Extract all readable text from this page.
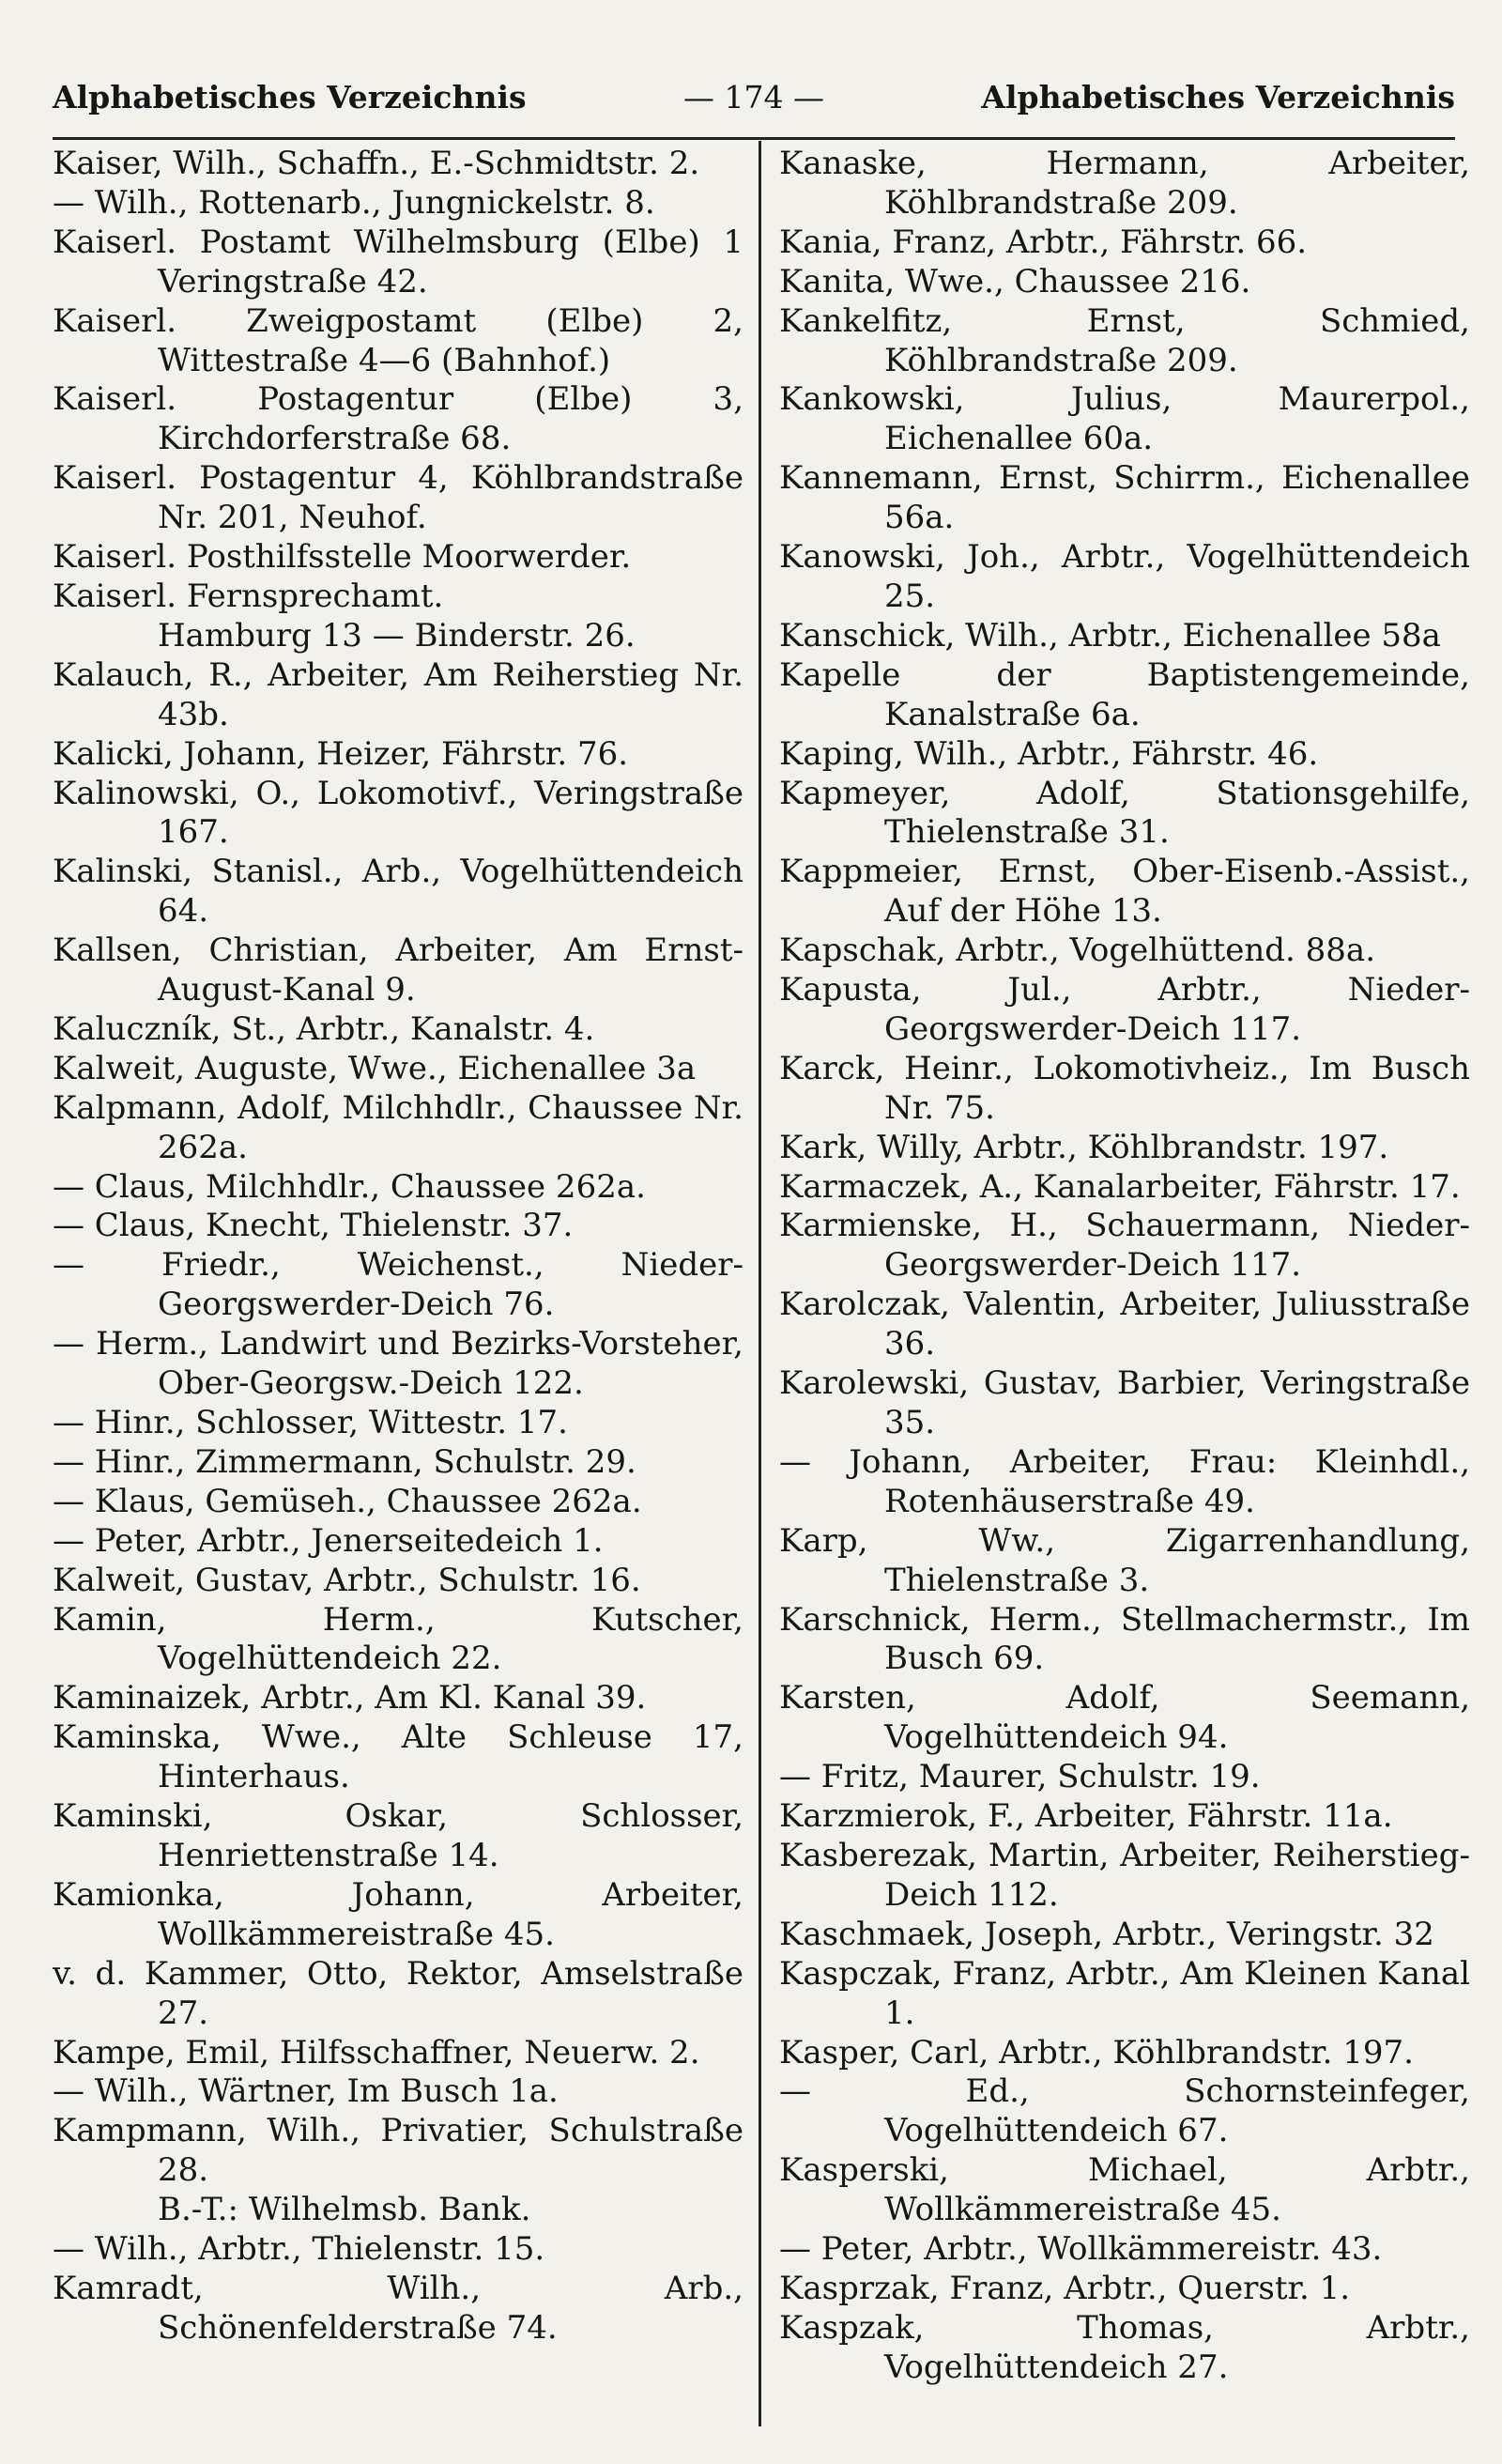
Alphabetisches Verzeichnis	— 174 —	Alphabetisches Verzeichnis
Kaiser, Wilh., Schaffn., E.-Schmidtstr. 2.
— Wilh., Rottenarb., Jungnickelstr. 8.
Kaiserl. Postamt Wilhelmsburg (Elbe) 1 Veringstraße 42.
Kaiserl. Zweigpostamt (Elbe) 2, Wittestraße 4—6 (Bahnhof.)
Kaiserl. Postagentur (Elbe) 3, Kirchdorferstraße 68.
Kaiserl. Postagentur 4, Köhlbrandstraße Nr. 201, Neuhof.
Kaiserl. Posthilfsstelle Moorwerder.
Kaiserl. Fernsprechamt.
Hamburg 13 — Binderstr. 26.
Kalauch, R., Arbeiter, Am Reiherstieg Nr. 43b.
Kalicki, Johann, Heizer, Fährstr. 76.
Kalinowski, O., Lokomotivf., Veringstraße 167.
Kalinski, Stanisl., Arb., Vogelhüttendeich 64.
Kallsen, Christian, Arbeiter, Am Ernst-August-Kanal 9.
Kaluczník, St., Arbtr., Kanalstr. 4.
Kalweit, Auguste, Wwe., Eichenallee 3a
Kalpmann, Adolf, Milchhdlr., Chaussee Nr. 262a.
— Claus, Milchhdlr., Chaussee 262a.
— Claus, Knecht, Thielenstr. 37.
— Friedr., Weichenst., Nieder-Georgswerder-Deich 76.
— Herm., Landwirt und Bezirks-Vorsteher, Ober-Georgsw.-Deich 122.
— Hinr., Schlosser, Wittestr. 17.
— Hinr., Zimmermann, Schulstr. 29.
— Klaus, Gemüseh., Chaussee 262a.
— Peter, Arbtr., Jenerseitedeich 1.
Kalweit, Gustav, Arbtr., Schulstr. 16.
Kamin, Herm., Kutscher, Vogelhüttendeich 22.
Kaminaizek, Arbtr., Am Kl. Kanal 39.
Kaminska, Wwe., Alte Schleuse 17, Hinterhaus.
Kaminski, Oskar, Schlosser, Henriettenstraße 14.
Kamionka, Johann, Arbeiter, Wollkämmereistraße 45.
v. d. Kammer, Otto, Rektor, Amselstraße 27.
Kampe, Emil, Hilfsschaffner, Neuerw. 2.
— Wilh., Wärtner, Im Busch 1a.
Kampmann, Wilh., Privatier, Schulstraße 28.
B.-T.: Wilhelmsb. Bank.
— Wilh., Arbtr., Thielenstr. 15.
Kamradt, Wilh., Arb., Schönenfelderstraße 74.
Kanaske, Hermann, Arbeiter, Köhlbrandstraße 209.
Kania, Franz, Arbtr., Fährstr. 66.
Kanita, Wwe., Chaussee 216.
Kankelfitz, Ernst, Schmied, Köhlbrandstraße 209.
Kankowski, Julius, Maurerpol., Eichenallee 60a.
Kannemann, Ernst, Schirrm., Eichenallee 56a.
Kanowski, Joh., Arbtr., Vogelhüttendeich 25.
Kanschick, Wilh., Arbtr., Eichenallee 58a
Kapelle der Baptistengemeinde, Kanalstraße 6a.
Kaping, Wilh., Arbtr., Fährstr. 46.
Kapmeyer, Adolf, Stationsgehilfe, Thielenstraße 31.
Kappmeier, Ernst, Ober-Eisenb.-Assist., Auf der Höhe 13.
Kapschak, Arbtr., Vogelhüttend. 88a.
Kapusta, Jul., Arbtr., Nieder-Georgswerder-Deich 117.
Karck, Heinr., Lokomotivheiz., Im Busch Nr. 75.
Kark, Willy, Arbtr., Köhlbrandstr. 197.
Karmaczek, A., Kanalarbeiter, Fährstr. 17.
Karmienske, H., Schauermann, Nieder-Georgswerder-Deich 117.
Karolczak, Valentin, Arbeiter, Juliusstraße 36.
Karolewski, Gustav, Barbier, Veringstraße 35.
— Johann, Arbeiter, Frau: Kleinhdl., Rotenhäuserstraße 49.
Karp, Ww., Zigarrenhandlung, Thielenstraße 3.
Karschnick, Herm., Stellmachermstr., Im Busch 69.
Karsten, Adolf, Seemann, Vogelhüttendeich 94.
— Fritz, Maurer, Schulstr. 19.
Karzmierok, F., Arbeiter, Fährstr. 11a.
Kasberezak, Martin, Arbeiter, Reiherstieg-Deich 112.
Kaschmaek, Joseph, Arbtr., Veringstr. 32
Kaspczak, Franz, Arbtr., Am Kleinen Kanal 1.
Kasper, Carl, Arbtr., Köhlbrandstr. 197.
— Ed., Schornsteinfeger, Vogelhüttendeich 67.
Kasperski, Michael, Arbtr., Wollkämmereistraße 45.
— Peter, Arbtr., Wollkämmereistr. 43.
Kasprzak, Franz, Arbtr., Querstr. 1.
Kaspzak, Thomas, Arbtr., Vogelhüttendeich 27.
